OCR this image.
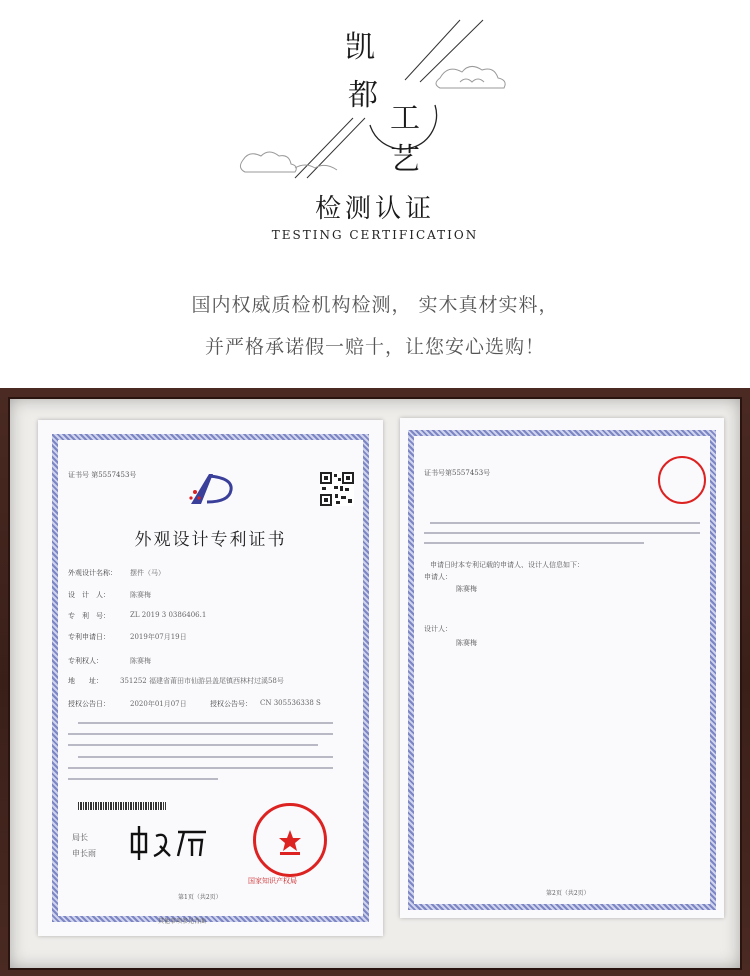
凯
都
工
艺
检测认证
TESTING CERTIFICATION
国内权威质检机构检测， 实木真材实料，
并严格承诺假一赔十，让您安心选购！
证书号 第5557453号
外观设计专利证书
外观设计名称： 摆件（马）
设　计　人：	陈赛梅
专　利　号：	ZL 2019 3 0386406.1
专利申请日：	2019年07月19日
专利权人：	陈赛梅
地　　址： 351252 福建省莆田市仙游县盖尾镇西林村过溪58号
授权公告日：	2020年01月07日	授权公告号： CN 305536338 S
局长
申长雨
国家知识产权局
第1页（共2页）
其他事项参见背面
证书号第5557453号
申请日时本专利记载的申请人、设计人信息如下：
申请人：
陈赛梅
设计人：
陈赛梅
第2页（共2页）
